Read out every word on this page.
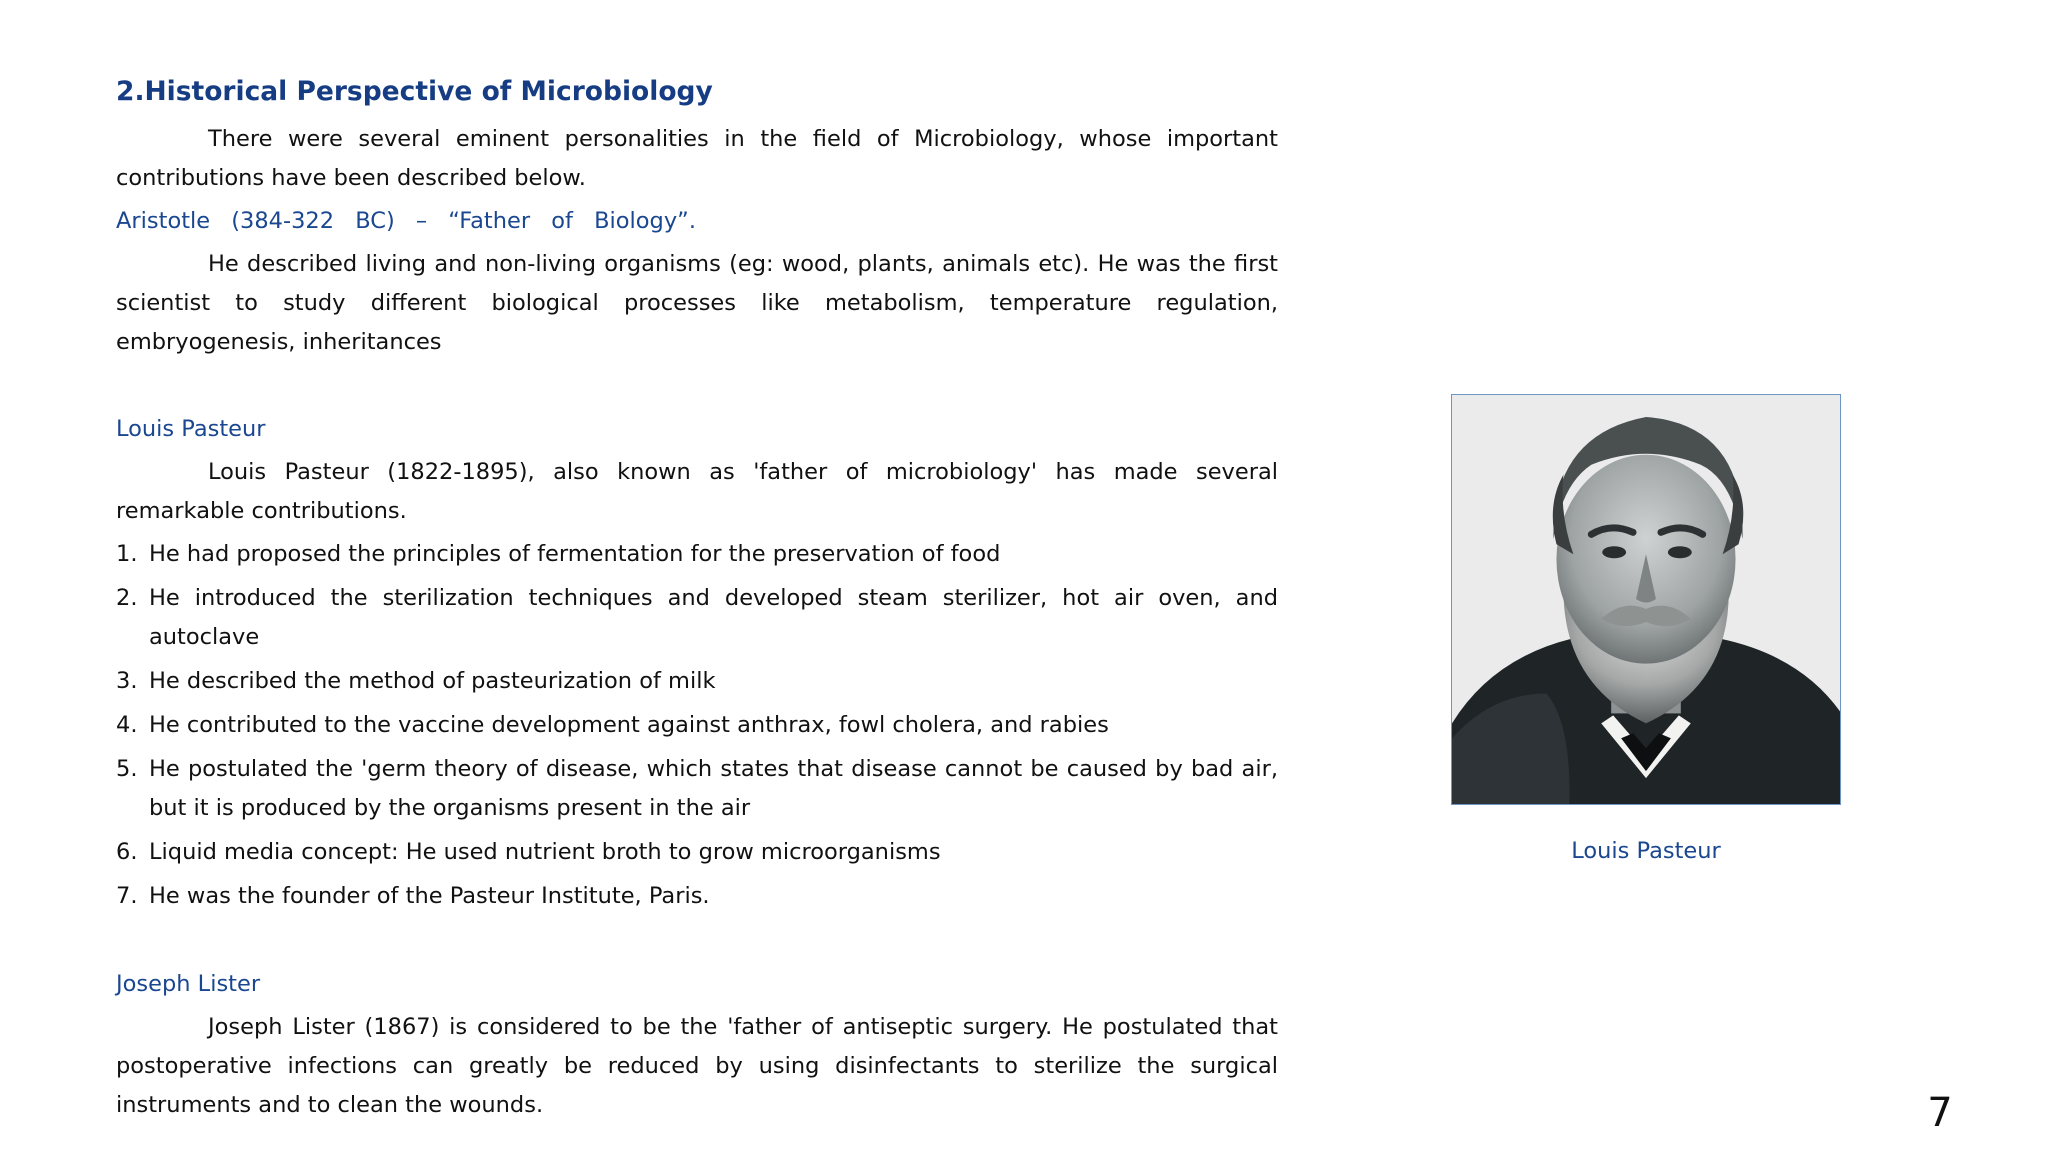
2.Historical Perspective of Microbiology

There were several eminent personalities in the field of Microbiology, whose important contributions have been described below.

Aristotle (384-322 BC) – “Father of Biology”.

He described living and non-living organisms (eg: wood, plants, animals etc). He was the first scientist to study different biological processes like metabolism, temperature regulation, embryogenesis, inheritances

Louis Pasteur

Louis Pasteur (1822-1895), also known as 'father of microbiology' has made several remarkable contributions.

1. He had proposed the principles of fermentation for the preservation of food
2. He introduced the sterilization techniques and developed steam sterilizer, hot air oven, and autoclave
3. He described the method of pasteurization of milk
4. He contributed to the vaccine development against anthrax, fowl cholera, and rabies
5. He postulated the 'germ theory of disease, which states that disease cannot be caused by bad air, but it is produced by the organisms present in the air
6. Liquid media concept: He used nutrient broth to grow microorganisms
7. He was the founder of the Pasteur Institute, Paris.
Joseph Lister

Joseph Lister (1867) is considered to be the 'father of antiseptic surgery. He postulated that postoperative infections can greatly be reduced by using disinfectants to sterilize the surgical instruments and to clean the wounds.

Louis Pasteur
7
